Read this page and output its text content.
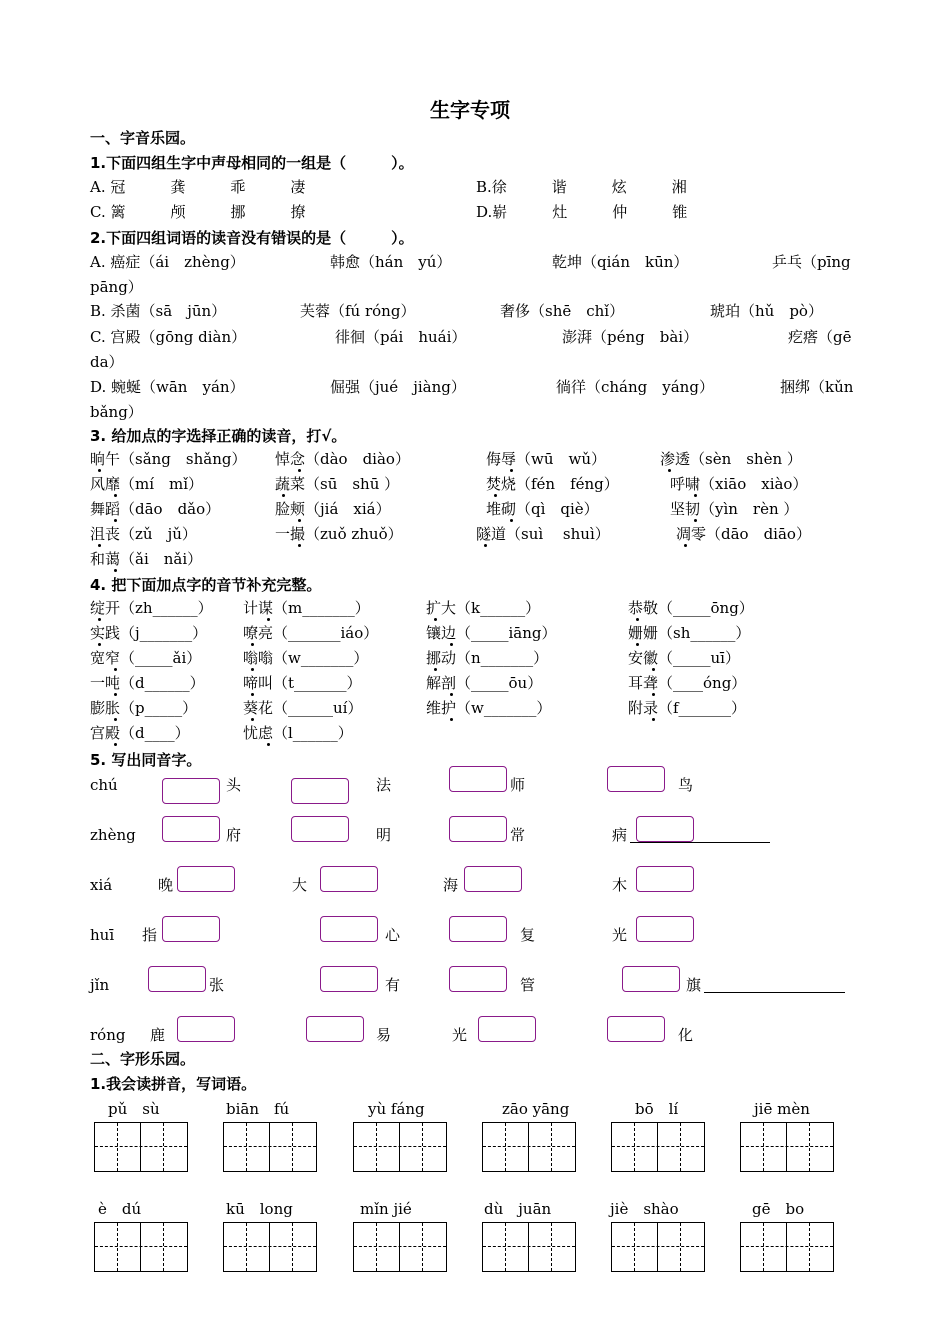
生字专项
一、字音乐园。
1.下面四组生字中声母相同的一组是（　　　）。
A. 冠　　　龚　　　乖　　　凄	B.徐　　　谐　　　炫　　　湘
C. 篱　　　颅　　　挪　　　撩	D.崭　　　灶　　　仲　　　锥
2.下面四组词语的读音没有错误的是（　　　）。
A. 癌症（ái　zhèng）	韩愈（hán　yú）	乾坤（qián　kūn）	乒乓（pīng
pāng）
B. 杀菌（sā　jūn）	芙蓉（fú róng）	奢侈（shē　chǐ）	琥珀（hǔ　pò）
C. 宫殿（gōng diàn）	徘徊（pái　huái）	澎湃（péng　bài）	疙瘩（gē
da）
D. 蜿蜒（wān　yán）	倔强（jué　jiàng）	徜徉（cháng　yáng）	捆绑（kǔn
bǎng）
3. 给加点的字选择正确的读音，打√。
晌午（sǎng　shǎng） 悼念（dào　diào）	侮辱（wū　wǔ）	渗透（sèn　shèn ）
风靡（mí　mǐ）	蔬菜（sū　shū ）	焚烧（fén　féng）	呼啸（xiāo　xiào）
舞蹈（dāo　dǎo）	脸颊（jiá　xiá）	堆砌（qì　qiè）	坚韧（yìn　rèn ）
沮丧（zǔ　jǔ）	一撮（zuǒ zhuǒ）	隧道（suì　 shuì）	凋零（dāo　diāo）
和蔼（ǎi　nǎi）
4. 把下面加点字的音节补充完整。
绽开（zh______） 计谋（m_______）	扩大（k______）	恭敬（_____ōng）
实践（j_______） 嘹亮（_______iáo）	镶边（_____iāng）	姗姗（sh______）
宽窄（_____ǎi）	嗡嗡（w_______）	挪动（n_______）	安徽（_____uī）
一吨（d______）	啼叫（t_______）	解剖（_____ōu）	耳聋（____óng）
膨胀（p_____）	葵花（______uí）	维护（w_______）	附录（f_______）
宫殿（d____）	忧虑（l______）
5. 写出同音字。
chú	头	法	师	鸟
zhèng	府	明	常	病
xiá	晚	大	海	木
huī 指	心	复	光
jǐn	张	有	管	旗
róng 鹿	易	光	化
二、字形乐园。
1.我会读拼音，写词语。
pǔ　sù	biān　fú	yù fáng	zāo yāng	bō　lí	jiē mèn
è　dú	kū　long	mǐn jié	dù　juān	jiè　shào	gē　bo
